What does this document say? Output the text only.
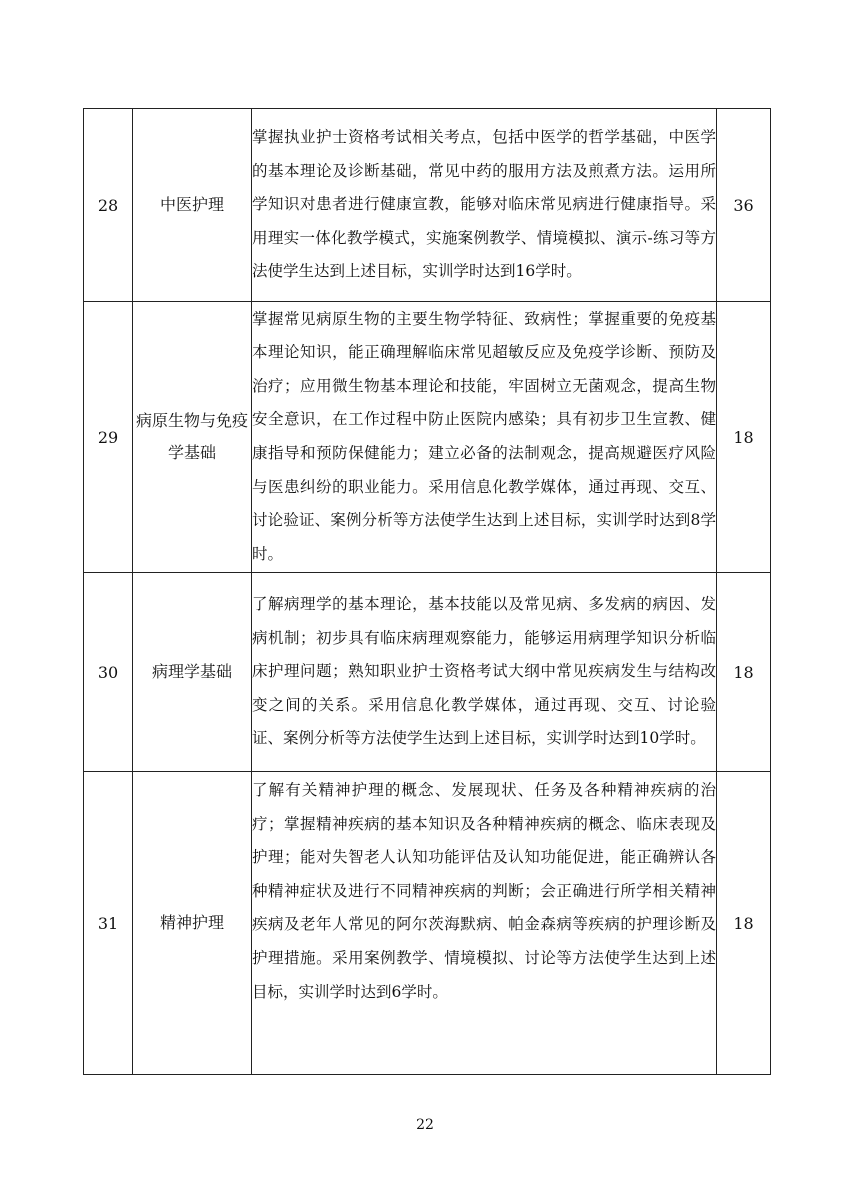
28	中医护理	掌握执业护士资格考试相关考点，包括中医学的哲学基础，中医学的基本理论及诊断基础，常见中药的服用方法及煎煮方法。运用所学知识对患者进行健康宣教，能够对临床常见病进行健康指导。采用理实一体化教学模式，实施案例教学、情境模拟、演示-练习等方法使学生达到上述目标，实训学时达到16学时。	36
29	病原生物与免疫学基础	掌握常见病原生物的主要生物学特征、致病性；掌握重要的免疫基本理论知识，能正确理解临床常见超敏反应及免疫学诊断、预防及治疗；应用微生物基本理论和技能，牢固树立无菌观念，提高生物安全意识，在工作过程中防止医院内感染；具有初步卫生宣教、健康指导和预防保健能力；建立必备的法制观念，提高规避医疗风险与医患纠纷的职业能力。采用信息化教学媒体，通过再现、交互、讨论验证、案例分析等方法使学生达到上述目标，实训学时达到8学时。	18
30	病理学基础	了解病理学的基本理论，基本技能以及常见病、多发病的病因、发病机制；初步具有临床病理观察能力，能够运用病理学知识分析临床护理问题；熟知职业护士资格考试大纲中常见疾病发生与结构改变之间的关系。采用信息化教学媒体，通过再现、交互、讨论验证、案例分析等方法使学生达到上述目标，实训学时达到10学时。	18
31	精神护理	了解有关精神护理的概念、发展现状、任务及各种精神疾病的治疗；掌握精神疾病的基本知识及各种精神疾病的概念、临床表现及护理；能对失智老人认知功能评估及认知功能促进，能正确辨认各种精神症状及进行不同精神疾病的判断；会正确进行所学相关精神疾病及老年人常见的阿尔茨海默病、帕金森病等疾病的护理诊断及护理措施。采用案例教学、情境模拟、讨论等方法使学生达到上述目标，实训学时达到6学时。	18
22
